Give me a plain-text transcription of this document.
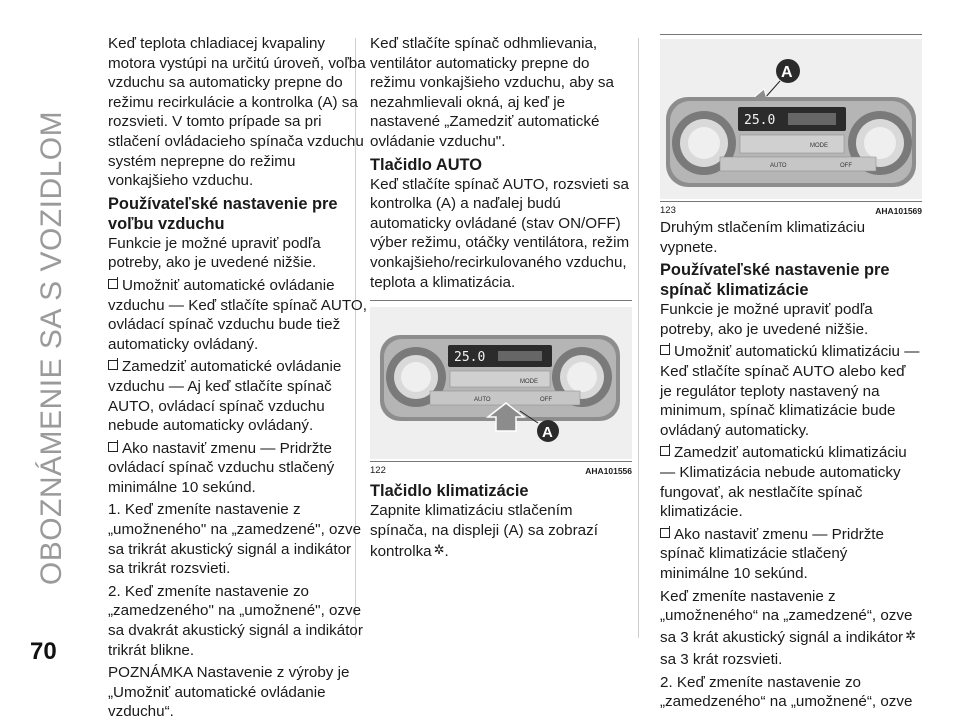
OBOZNÁMENIE SA S VOZIDLOM
70

Keď teplota chladiacej kvapaliny motora vystúpi na určitú úroveň, voľba vzduchu sa automaticky prepne do režimu recirkulácie a kontrolka (A) sa rozsvieti. V tomto prípade sa pri stlačení ovládacieho spínača vzduchu systém neprepne do režimu vonkajšieho vzduchu.

Používateľské nastavenie pre voľbu vzduchu

Funkcie je možné upraviť podľa potreby, ako je uvedené nižšie.

Umožniť automatické ovládanie vzduchu — Keď stlačíte spínač AUTO, ovládací spínač vzduchu bude tiež automaticky ovládaný.

Zamedziť automatické ovládanie vzduchu — Aj keď stlačíte spínač AUTO, ovládací spínač vzduchu nebude automaticky ovládaný.

Ako nastaviť zmenu — Pridržte ovládací spínač vzduchu stlačený minimálne 10 sekúnd.

1. Keď zmeníte nastavenie z „umožneného" na „zamedzené", ozve sa trikrát akustický signál a indikátor sa trikrát rozsvieti.

2. Keď zmeníte nastavenie zo „zamedzeného" na „umožnené", ozve sa dvakrát akustický signál a indikátor trikrát blikne.

POZNÁMKA Nastavenie z výroby je „Umožniť automatické ovládanie vzduchu“.

Keď stlačíte spínač odhmlievania, ventilátor automaticky prepne do režimu vonkajšieho vzduchu, aby sa nezahmlievali okná, aj keď je nastavené „Zamedziť automatické ovládanie vzduchu".

Tlačidlo AUTO

Keď stlačíte spínač AUTO, rozsvieti sa kontrolka (A) a naďalej budú automaticky ovládané (stav ON/OFF) výber režimu, otáčky ventilátora, režim vonkajšieho/recirkulovaného vzduchu, teplota a klimatizácia.

25.0
MODE
AUTO	OFF
A
122	AHA101556
Tlačidlo klimatizácie

Zapnite klimatizáciu stlačením spínača, na displeji (A) sa zobrazí kontrolka ✲.

A
25.0
MODE
AUTO	OFF
123	AHA101569

Druhým stlačením klimatizáciu vypnete.

Používateľské nastavenie pre spínač klimatizácie

Funkcie je možné upraviť podľa potreby, ako je uvedené nižšie.

Umožniť automatickú klimatizáciu — Keď stlačíte spínač AUTO alebo keď je regulátor teploty nastavený na minimum, spínač klimatizácie bude ovládaný automaticky.

Zamedziť automatickú klimatizáciu — Klimatizácia nebude automaticky fungovať, ak nestlačíte spínač klimatizácie.

Ako nastaviť zmenu — Pridržte spínač klimatizácie stlačený minimálne 10 sekúnd.

Keď zmeníte nastavenie z „umožneného“ na „zamedzené“, ozve sa 3 krát akustický signál a indikátor ✲

sa 3 krát rozsvieti.

2. Keď zmeníte nastavenie zo „zamedzeného“ na „umožnené“, ozve
